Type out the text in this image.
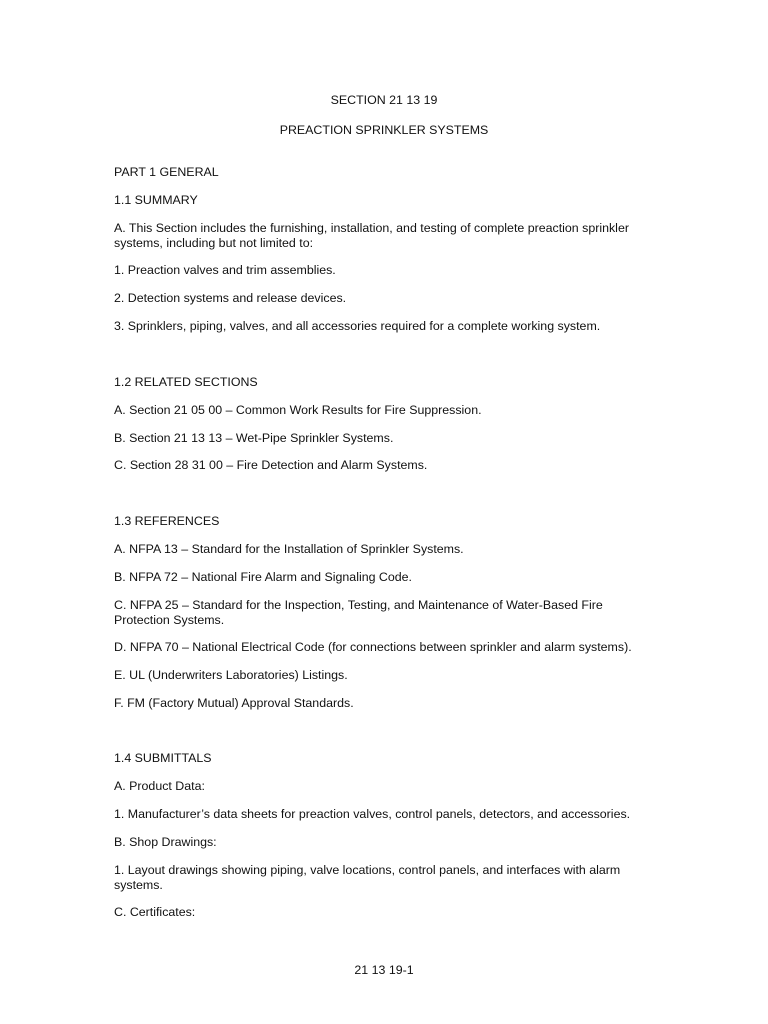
SECTION 21 13 19

PREACTION SPRINKLER SYSTEMS

PART 1 GENERAL

1.1 SUMMARY

A. This Section includes the furnishing, installation, and testing of complete preaction sprinkler systems, including but not limited to:

1. Preaction valves and trim assemblies.

2. Detection systems and release devices.

3. Sprinklers, piping, valves, and all accessories required for a complete working system.

1.2 RELATED SECTIONS

A. Section 21 05 00 – Common Work Results for Fire Suppression.

B. Section 21 13 13 – Wet-Pipe Sprinkler Systems.

C. Section 28 31 00 – Fire Detection and Alarm Systems.

1.3 REFERENCES

A. NFPA 13 – Standard for the Installation of Sprinkler Systems.

B. NFPA 72 – National Fire Alarm and Signaling Code.

C. NFPA 25 – Standard for the Inspection, Testing, and Maintenance of Water-Based Fire Protection Systems.

D. NFPA 70 – National Electrical Code (for connections between sprinkler and alarm systems).

E. UL (Underwriters Laboratories) Listings.

F. FM (Factory Mutual) Approval Standards.

1.4 SUBMITTALS

A. Product Data:

1. Manufacturer’s data sheets for preaction valves, control panels, detectors, and accessories.

B. Shop Drawings:

1. Layout drawings showing piping, valve locations, control panels, and interfaces with alarm systems.

C. Certificates:

21 13 19-1
